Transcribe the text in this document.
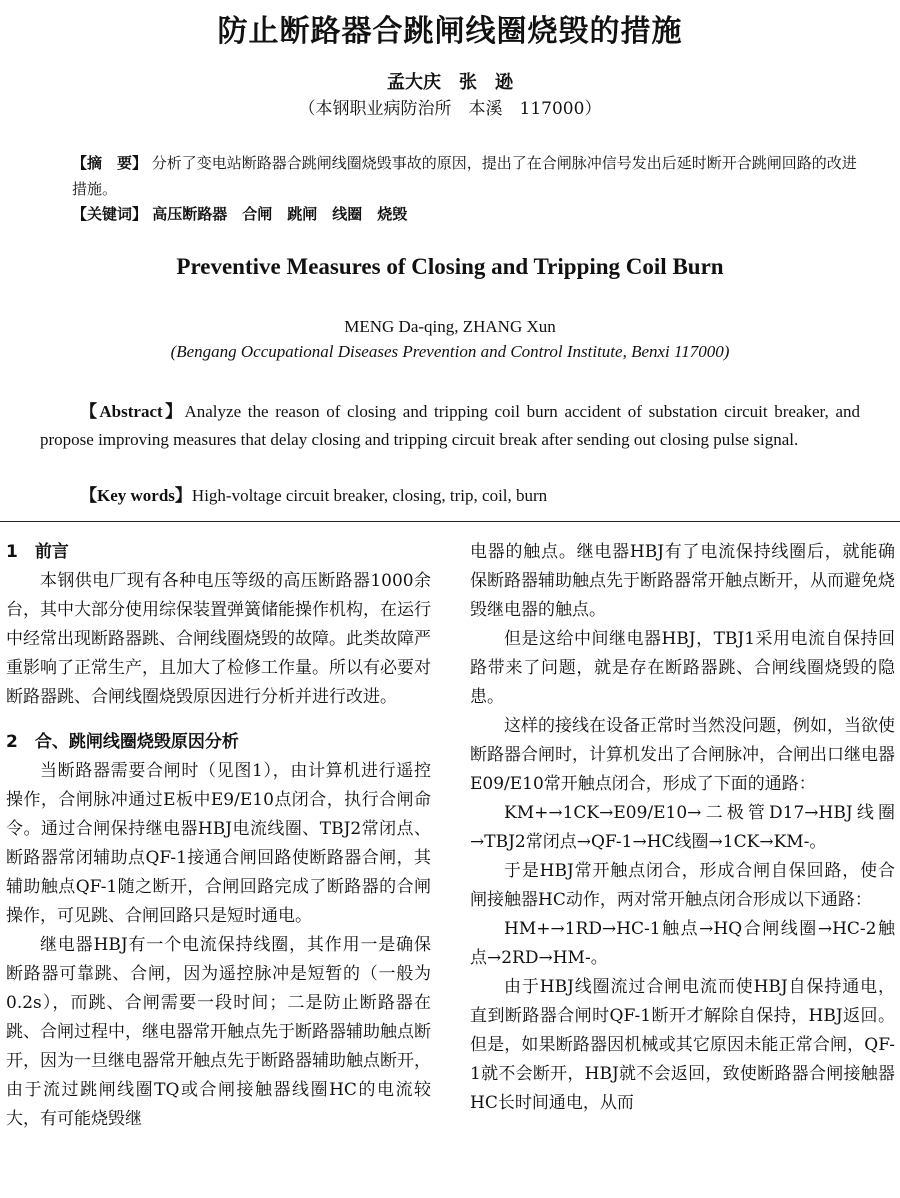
防止断路器合跳闸线圈烧毁的措施
孟大庆　张　逊
（本钢职业病防治所　本溪　117000）
【摘　要】 分析了变电站断路器合跳闸线圈烧毁事故的原因，提出了在合闸脉冲信号发出后延时断开合跳闸回路的改进措施。
【关键词】 高压断路器　合闸　跳闸　线圈　烧毁
Preventive Measures of Closing and Tripping Coil Burn
MENG Da-qing, ZHANG Xun
(Bengang Occupational Diseases Prevention and Control Institute, Benxi 117000)
【Abstract】Analyze the reason of closing and tripping coil burn accident of substation circuit breaker, and propose improving measures that delay closing and tripping circuit break after sending out closing pulse signal.
【Key words】High-voltage circuit breaker, closing, trip, coil, burn

1　前言

本钢供电厂现有各种电压等级的高压断路器1000余台，其中大部分使用综保装置弹簧储能操作机构，在运行中经常出现断路器跳、合闸线圈烧毁的故障。此类故障严重影响了正常生产，且加大了检修工作量。所以有必要对断路器跳、合闸线圈烧毁原因进行分析并进行改进。

2　合、跳闸线圈烧毁原因分析

当断路器需要合闸时（见图1），由计算机进行遥控操作，合闸脉冲通过E板中E9/E10点闭合，执行合闸命令。通过合闸保持继电器HBJ电流线圈、TBJ2常闭点、断路器常闭辅助点QF-1接通合闸回路使断路器合闸，其辅助触点QF-1随之断开，合闸回路完成了断路器的合闸操作，可见跳、合闸回路只是短时通电。

继电器HBJ有一个电流保持线圈，其作用一是确保断路器可靠跳、合闸，因为遥控脉冲是短暂的（一般为0.2s），而跳、合闸需要一段时间；二是防止断路器在跳、合闸过程中，继电器常开触点先于断路器辅助触点断开，因为一旦继电器常开触点先于断路器辅助触点断开，由于流过跳闸线圈TQ或合闸接触器线圈HC的电流较大，有可能烧毁继

电器的触点。继电器HBJ有了电流保持线圈后，就能确保断路器辅助触点先于断路器常开触点断开，从而避免烧毁继电器的触点。

但是这给中间继电器HBJ，TBJ1采用电流自保持回路带来了问题，就是存在断路器跳、合闸线圈烧毁的隐患。

这样的接线在设备正常时当然没问题，例如，当欲使断路器合闸时，计算机发出了合闸脉冲，合闸出口继电器E09/E10常开触点闭合，形成了下面的通路：

KM+→1CK→E09/E10→二极管D17→HBJ线圈→TBJ2常闭点→QF-1→HC线圈→1CK→KM-。

于是HBJ常开触点闭合，形成合闸自保回路，使合闸接触器HC动作，两对常开触点闭合形成以下通路：

HM+→1RD→HC-1触点→HQ合闸线圈→HC-2触点→2RD→HM-。

由于HBJ线圈流过合闸电流而使HBJ自保持通电，直到断路器合闸时QF-1断开才解除自保持，HBJ返回。但是，如果断路器因机械或其它原因未能正常合闸，QF-1就不会断开，HBJ就不会返回，致使断路器合闸接触器HC长时间通电，从而
